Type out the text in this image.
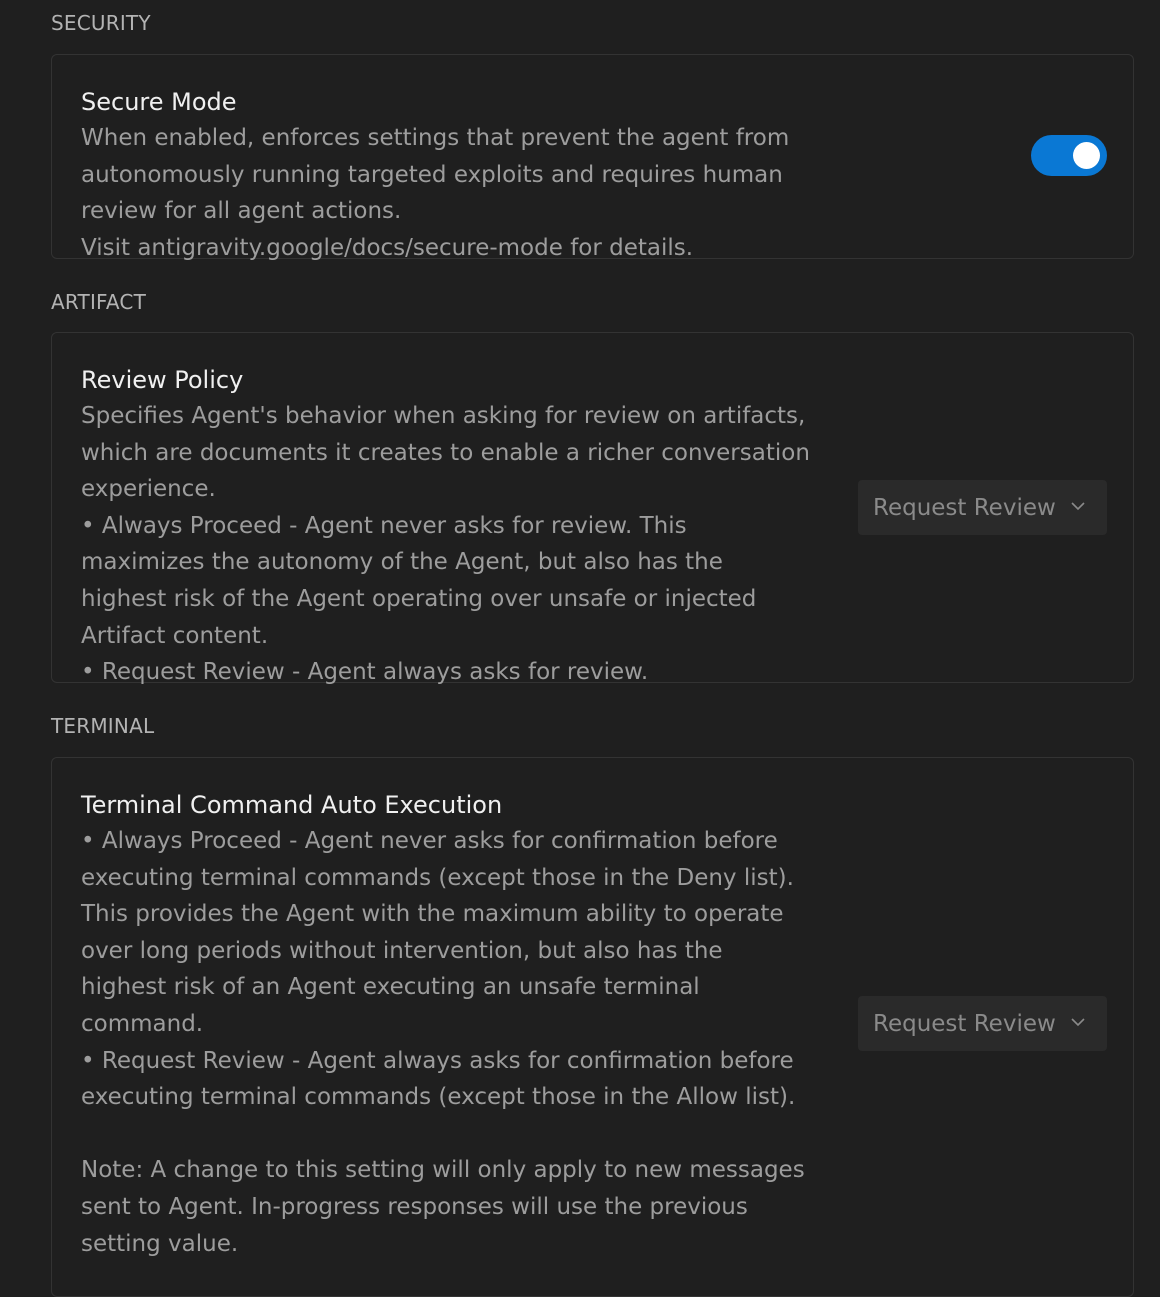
SECURITY
Secure Mode
When enabled, enforces settings that prevent the agent from autonomously running targeted exploits and requires human review for all agent actions.
Visit antigravity.google/docs/secure-mode for details.
ARTIFACT
Review Policy
Specifies Agent's behavior when asking for review on artifacts, which are documents it creates to enable a richer conversation experience.
• Always Proceed - Agent never asks for review. This maximizes the autonomy of the Agent, but also has the highest risk of the Agent operating over unsafe or injected Artifact content.
• Request Review - Agent always asks for review.
Request Review
TERMINAL
Terminal Command Auto Execution
• Always Proceed - Agent never asks for confirmation before executing terminal commands (except those in the Deny list). This provides the Agent with the maximum ability to operate over long periods without intervention, but also has the highest risk of an Agent executing an unsafe terminal command.
• Request Review - Agent always asks for confirmation before executing terminal commands (except those in the Allow list).

Note: A change to this setting will only apply to new messages sent to Agent. In-progress responses will use the previous setting value.
Request Review
